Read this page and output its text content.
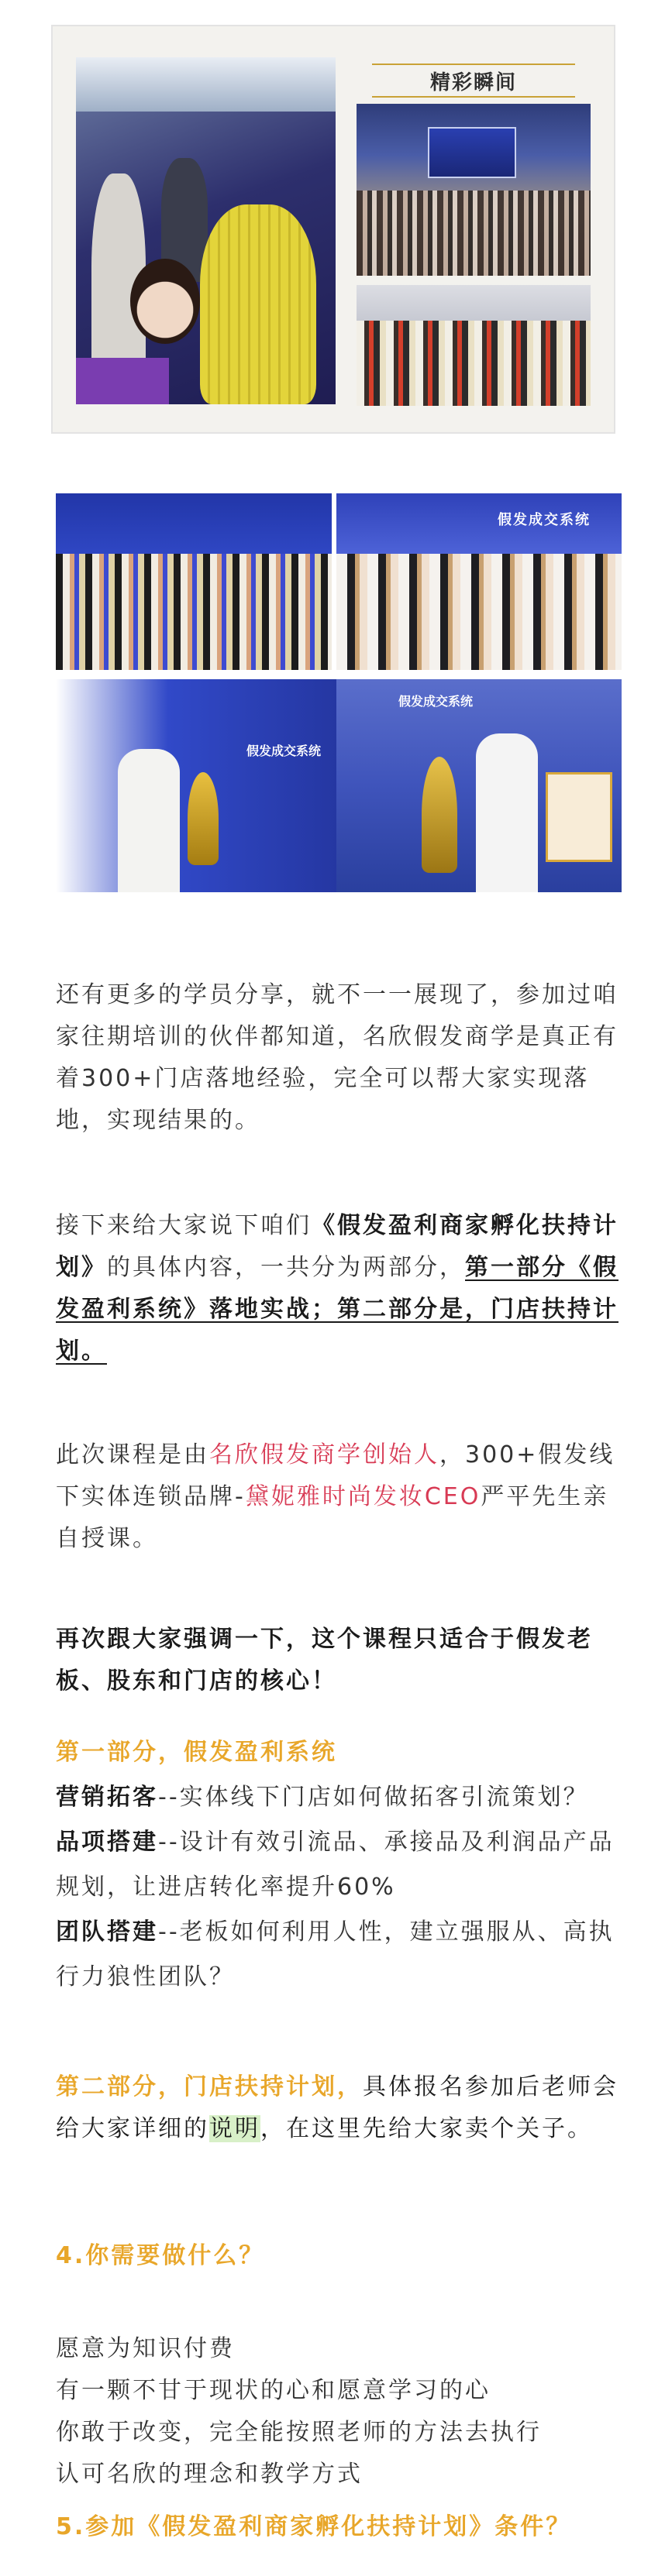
精彩瞬间
假发成交系统
假发成交系统
假发成交系统

还有更多的学员分享，就不一一展现了，参加过咱家往期培训的伙伴都知道，名欣假发商学是真正有着300+门店落地经验，完全可以帮大家实现落地，实现结果的。

接下来给大家说下咱们《假发盈利商家孵化扶持计划》的具体内容，一共分为两部分，第一部分《假发盈利系统》落地实战；第二部分是，门店扶持计划。

此次课程是由名欣假发商学创始人，300+假发线下实体连锁品牌-黛妮雅时尚发妆CEO严平先生亲自授课。

再次跟大家强调一下，这个课程只适合于假发老板、股东和门店的核心！

第一部分，假发盈利系统

营销拓客--实体线下门店如何做拓客引流策划？

品项搭建--设计有效引流品、承接品及利润品产品规划，让进店转化率提升60%

团队搭建--老板如何利用人性，建立强服从、高执行力狼性团队？

第二部分，门店扶持计划，具体报名参加后老师会给大家详细的说明，在这里先给大家卖个关子。

4.你需要做什么？

愿意为知识付费

有一颗不甘于现状的心和愿意学习的心

你敢于改变，完全能按照老师的方法去执行

认可名欣的理念和教学方式

5.参加《假发盈利商家孵化扶持计划》条件？
